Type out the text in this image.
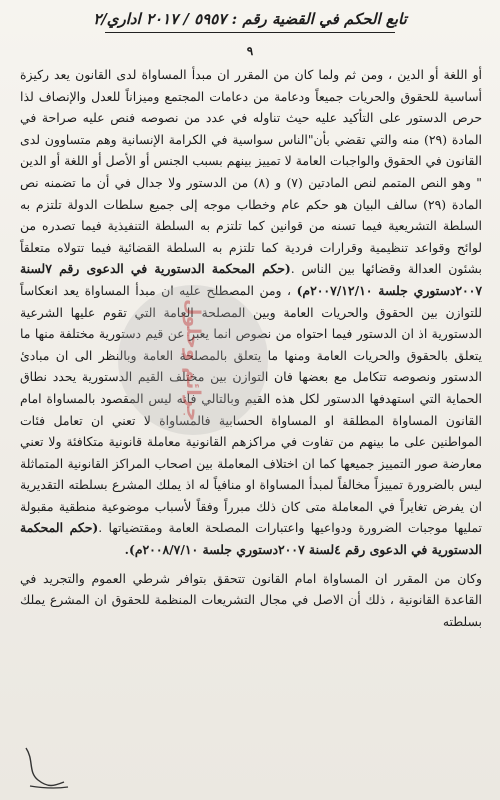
تابع الحكم في القضية رقم : ٥٩٥٧ / ٢٠١٧ اداري/٢
٩

أو اللغة أو الدين ، ومن ثم ولما كان من المقرر ان مبدأ المساواة لدى القانون يعد ركيزة أساسية للحقوق والحريات جميعاً ودعامة من دعامات المجتمع وميزاناً للعدل والإنصاف لذا حرص الدستور على التأكيد عليه حيث تناوله في عدد من نصوصه فنص عليه صراحة في المادة (٢٩) منه والتي تقضي بأن"الناس سواسية في الكرامة الإنسانية وهم متساوون لدى القانون في الحقوق والواجبات العامة لا تمييز بينهم بسبب الجنس أو الأصل أو اللغة أو الدين " وهو النص المتمم لنص المادتين (٧) و (٨) من الدستور ولا جدال في أن ما تضمنه نص المادة (٢٩) سالف البيان هو حكم عام وخطاب موجه إلى جميع سلطات الدولة تلتزم به السلطة التشريعية فيما تسنه من قوانين كما تلتزم به السلطة التنفيذية فيما تصدره من لوائح وقواعد تنظيمية وقرارات فردية كما تلتزم به السلطة القضائية فيما تتولاه متعلقاً بشئون العدالة وقضائها بين الناس .(حكم المحكمة الدستورية في الدعوى رقم ٧لسنة ٢٠٠٧دستوري جلسة ٢٠٠٧/١٢/١٠م) ، ومن المصطلح عليه ان مبدأ المساواة يعد انعكاساً للتوازن بين الحقوق والحريات العامة وبين المصلحة العامة التي تقوم عليها الشرعية الدستورية اذ ان الدستور فيما احتواه من نصوص انما يعبر عن قيم دستورية مختلفة منها ما يتعلق بالحقوق والحريات العامة ومنها ما يتعلق بالمصلحة العامة وبالنظر الى ان مبادئ الدستور ونصوصه تتكامل مع بعضها فان التوازن بين مختلف القيم الدستورية يحدد نطاق الحماية التي استهدفها الدستور لكل هذه القيم وبالتالي فانه ليس المقصود بالمساواة امام القانون المساواة المطلقة او المساواة الحسابية فالمساواة لا تعني ان تعامل فئات المواطنين على ما بينهم من تفاوت في مراكزهم القانونية معاملة قانونية متكافئة ولا تعني معارضة صور التمييز جميعها كما ان اختلاف المعاملة بين اصحاب المراكز القانونية المتماثلة ليس بالضرورة تمييزاً مخالفاً لمبدأ المساواة او منافياً له اذ يملك المشرع بسلطته التقديرية ان يفرض تغايراً في المعاملة متى كان ذلك مبرراً وفقاً لأسباب موضوعية منطقية مقبولة تمليها موجبات الضرورة ودواعيها واعتبارات المصلحة العامة ومقتضياتها .(حكم المحكمة الدستورية في الدعوى رقم ٤لسنة ٢٠٠٧دستوري جلسة ٢٠٠٨/٧/١٠م).

وكان من المقرر ان المساواة امام القانون تتحقق بتوافر شرطي العموم والتجريد في القاعدة القانونية ، ذلك أن الاصل في مجال التشريعات المنظمة للحقوق ان المشرع يملك بسلطته

جرائم وحلول
